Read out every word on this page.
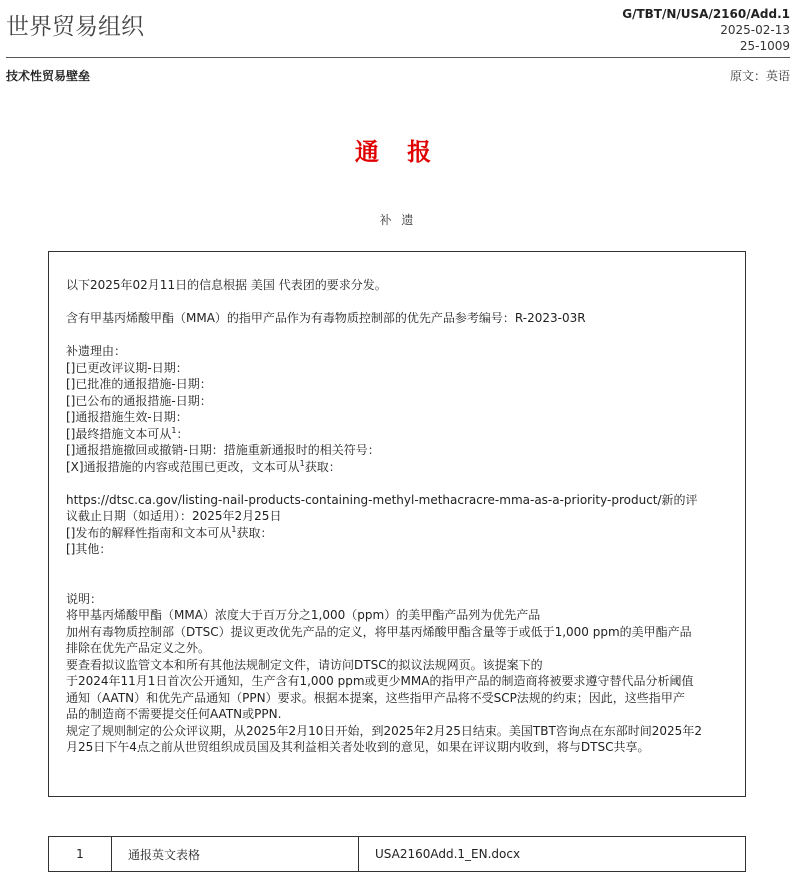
世界贸易组织	G/TBT/N/USA/2160/Add.1
2025-02-13
25-1009
技术性贸易壁垒	原文：英语
通 报
补 遗

以下2025年02月11日的信息根据 美国 代表团的要求分发。

含有甲基丙烯酸甲酯（MMA）的指甲产品作为有毒物质控制部的优先产品参考编号：R-2023-03R

补遗理由：

[]已更改评议期-日期：

[]已批准的通报措施-日期：

[]已公布的通报措施-日期：

[]通报措施生效-日期：

[]最终措施文本可从$^1$：

[]通报措施撤回或撤销-日期：措施重新通报时的相关符号：

[X]通报措施的内容或范围已更改，文本可从$^1$获取：

https://dtsc.ca.gov/listing-nail-products-containing-methyl-methacracre-mma-as-a-priority-product/新的评

议截止日期（如适用）：2025年2月25日

[]发布的解释性指南和文本可从$^1$获取：

[]其他：

说明：

将甲基丙烯酸甲酯（MMA）浓度大于百万分之1,000（ppm）的美甲酯产品列为优先产品

加州有毒物质控制部（DTSC）提议更改优先产品的定义，将甲基丙烯酸甲酯含量等于或低于1,000 ppm的美甲酯产品

排除在优先产品定义之外。

要查看拟议监管文本和所有其他法规制定文件，请访问DTSC的拟议法规网页。该提案下的

于2024年11月1日首次公开通知，生产含有1,000 ppm或更少MMA的指甲产品的制造商将被要求遵守替代品分析阈值

通知（AATN）和优先产品通知（PPN）要求。根据本提案，这些指甲产品将不受SCP法规的约束；因此，这些指甲产

品的制造商不需要提交任何AATN或PPN.

规定了规则制定的公众评议期，从2025年2月10日开始，到2025年2月25日结束。美国TBT咨询点在东部时间2025年2

月25日下午4点之前从世贸组织成员国及其利益相关者处收到的意见，如果在评议期内收到，将与DTSC共享。

1	通报英文表格	USA2160Add.1_EN.docx
